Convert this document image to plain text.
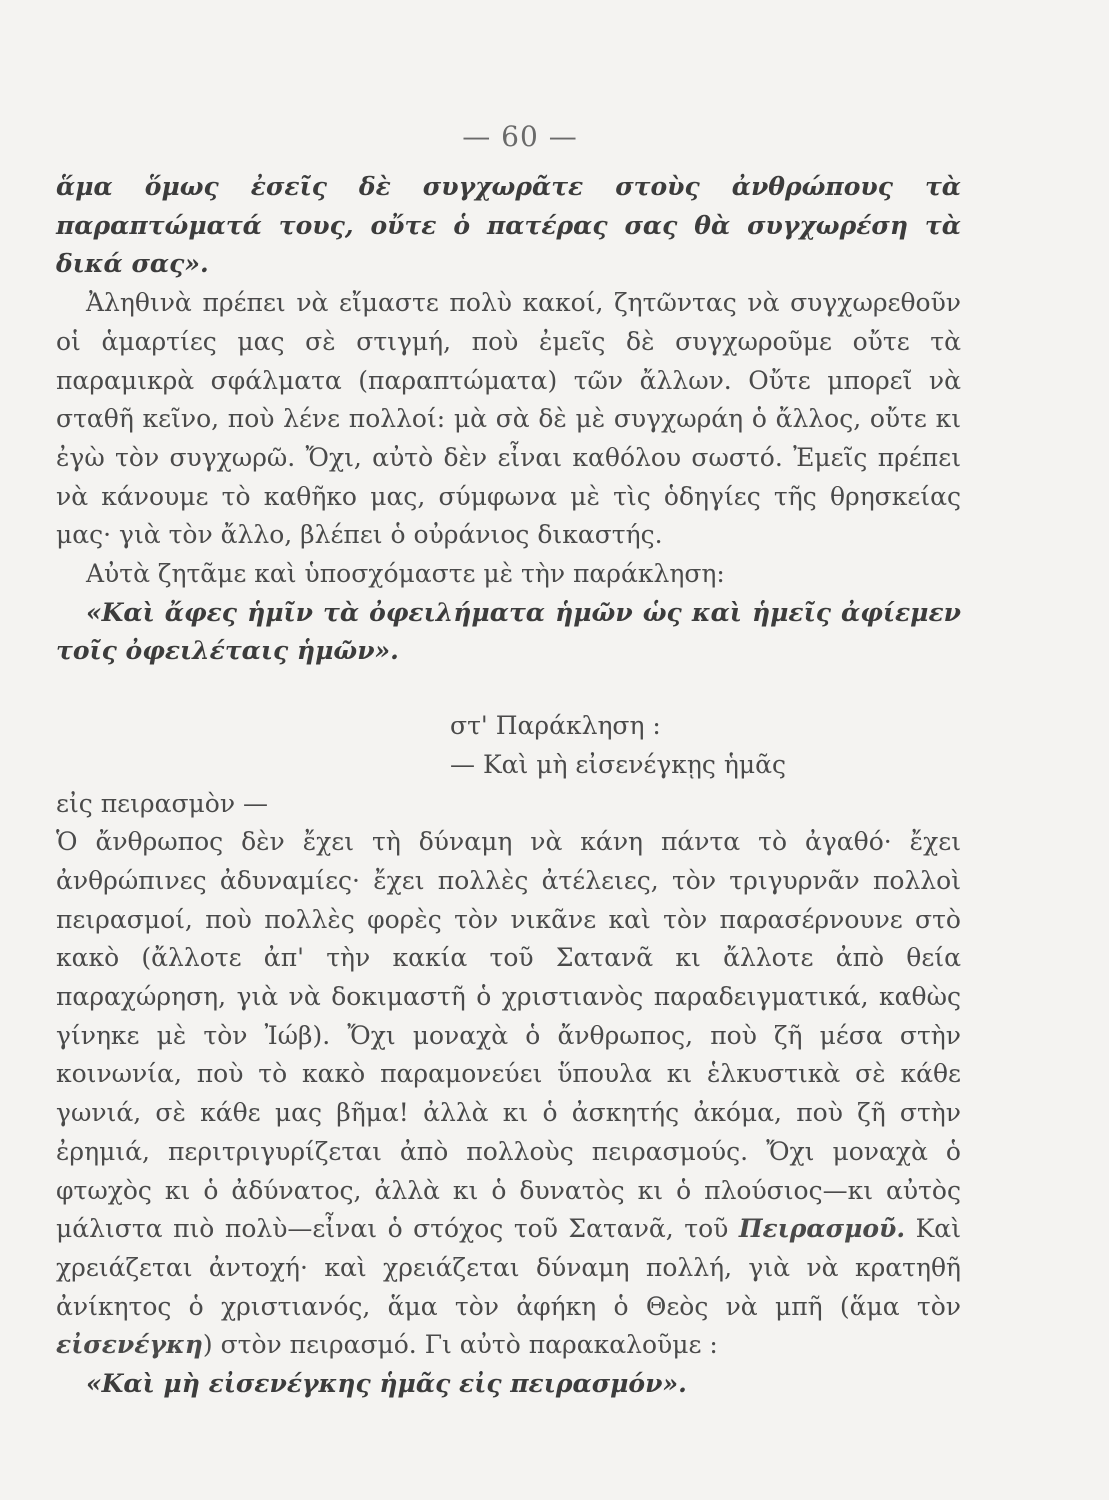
— 60 —

ἅμα ὅμως ἐσεῖς δὲ συγχωρᾶτε στοὺς ἀνθρώπους τὰ παραπτώματά τους, οὔτε ὁ πατέρας σας θὰ συγχωρέση τὰ δικά σας».

Ἀληθινὰ πρέπει νὰ εἴμαστε πολὺ κακοί, ζητῶντας νὰ συγχωρεθοῦν οἱ ἁμαρτίες μας σὲ στιγμή, ποὺ ἐμεῖς δὲ συγχωροῦμε οὔτε τὰ παραμικρὰ σφάλματα (παραπτώματα) τῶν ἄλλων. Οὔτε μπορεῖ νὰ σταθῆ κεῖνο, ποὺ λένε πολλοί: μὰ σὰ δὲ μὲ συγχωράη ὁ ἄλλος, οὔτε κι ἐγὼ τὸν συγχωρῶ. Ὄχι, αὐτὸ δὲν εἶναι καθόλου σωστό. Ἐμεῖς πρέπει νὰ κάνουμε τὸ καθῆκο μας, σύμφωνα μὲ τὶς ὁδηγίες τῆς θρησκείας μας· γιὰ τὸν ἄλλο, βλέπει ὁ οὐράνιος δικαστής.

Αὐτὰ ζητᾶμε καὶ ὑποσχόμαστε μὲ τὴν παράκληση:

«Καὶ ἄφες ἡμῖν τὰ ὀφειλήματα ἡμῶν ὡς καὶ ἡμεῖς ἀφίεμεν τοῖς ὀφειλέταις ἡμῶν».

στ' Παράκληση :
— Καὶ μὴ εἰσενέγκῃς ἡμᾶς
εἰς πειρασμὸν —
Ὁ ἄνθρωπος δὲν ἔχει τὴ δύναμη νὰ κάνη πάντα τὸ ἀγαθό· ἔχει ἀνθρώπινες ἀδυναμίες· ἔχει πολλὲς ἀτέλειες, τὸν τριγυρνᾶν πολλοὶ πειρασμοί, ποὺ πολλὲς φορὲς τὸν νικᾶνε καὶ τὸν παρασέρνουνε στὸ κακὸ (ἄλλοτε ἀπ' τὴν κακία τοῦ Σατανᾶ κι ἄλλοτε ἀπὸ θεία παραχώρηση, γιὰ νὰ δοκιμαστῆ ὁ χριστιανὸς παραδειγματικά, καθὼς γίνηκε μὲ τὸν Ἰώβ). Ὄχι μοναχὰ ὁ ἄνθρωπος, ποὺ ζῆ μέσα στὴν κοινωνία, ποὺ τὸ κακὸ παραμονεύει ὕπουλα κι ἑλκυστικὰ σὲ κάθε γωνιά, σὲ κάθε μας βῆμα! ἀλλὰ κι ὁ ἀσκητής ἀκόμα, ποὺ ζῆ στὴν ἐρημιά, περιτριγυρίζεται ἀπὸ πολλοὺς πειρασμούς. Ὄχι μοναχὰ ὁ φτωχὸς κι ὁ ἀδύνατος, ἀλλὰ κι ὁ δυνατὸς κι ὁ πλούσιος—κι αὐτὸς μάλιστα πιὸ πολὺ—εἶναι ὁ στόχος τοῦ Σατανᾶ, τοῦ Πειρασμοῦ. Καὶ χρειάζεται ἀντοχή· καὶ χρειάζεται δύναμη πολλή, γιὰ νὰ κρατηθῆ ἀνίκητος ὁ χριστιανός, ἅμα τὸν ἀφήκη ὁ Θεὸς νὰ μπῆ (ἅμα τὸν εἰσενέγκη) στὸν πειρασμό. Γι αὐτὸ παρακαλοῦμε :

«Καὶ μὴ εἰσενέγκης ἡμᾶς εἰς πειρασμόν».
